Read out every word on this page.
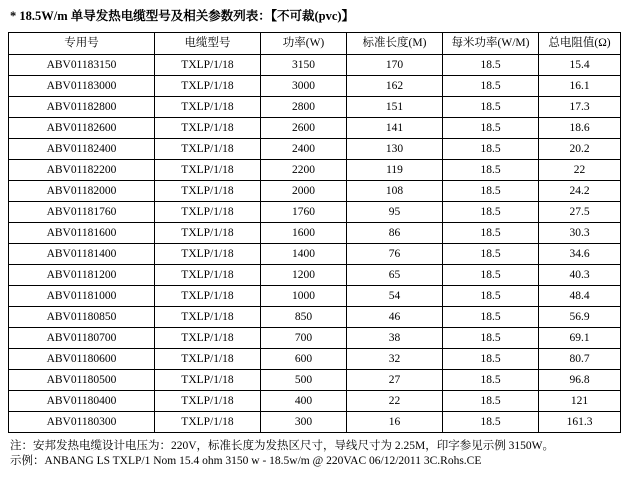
* 18.5W/m 单导发热电缆型号及相关参数列表：【不可裁(pvc)】
专用号	电缆型号	功率(W)	标准长度(M)	每米功率(W/M)	总电阻值(Ω)
ABV01183150	TXLP/1/18	3150	170	18.5	15.4
ABV01183000	TXLP/1/18	3000	162	18.5	16.1
ABV01182800	TXLP/1/18	2800	151	18.5	17.3
ABV01182600	TXLP/1/18	2600	141	18.5	18.6
ABV01182400	TXLP/1/18	2400	130	18.5	20.2
ABV01182200	TXLP/1/18	2200	119	18.5	22
ABV01182000	TXLP/1/18	2000	108	18.5	24.2
ABV01181760	TXLP/1/18	1760	95	18.5	27.5
ABV01181600	TXLP/1/18	1600	86	18.5	30.3
ABV01181400	TXLP/1/18	1400	76	18.5	34.6
ABV01181200	TXLP/1/18	1200	65	18.5	40.3
ABV01181000	TXLP/1/18	1000	54	18.5	48.4
ABV01180850	TXLP/1/18	850	46	18.5	56.9
ABV01180700	TXLP/1/18	700	38	18.5	69.1
ABV01180600	TXLP/1/18	600	32	18.5	80.7
ABV01180500	TXLP/1/18	500	27	18.5	96.8
ABV01180400	TXLP/1/18	400	22	18.5	121
ABV01180300	TXLP/1/18	300	16	18.5	161.3
注：安邦发热电缆设计电压为：220V，标准长度为发热区尺寸，导线尺寸为 2.25M，印字参见示例 3150W。
示例：ANBANG LS TXLP/1 Nom 15.4 ohm 3150 w - 18.5w/m @ 220VAC 06/12/2011 3C.Rohs.CE
